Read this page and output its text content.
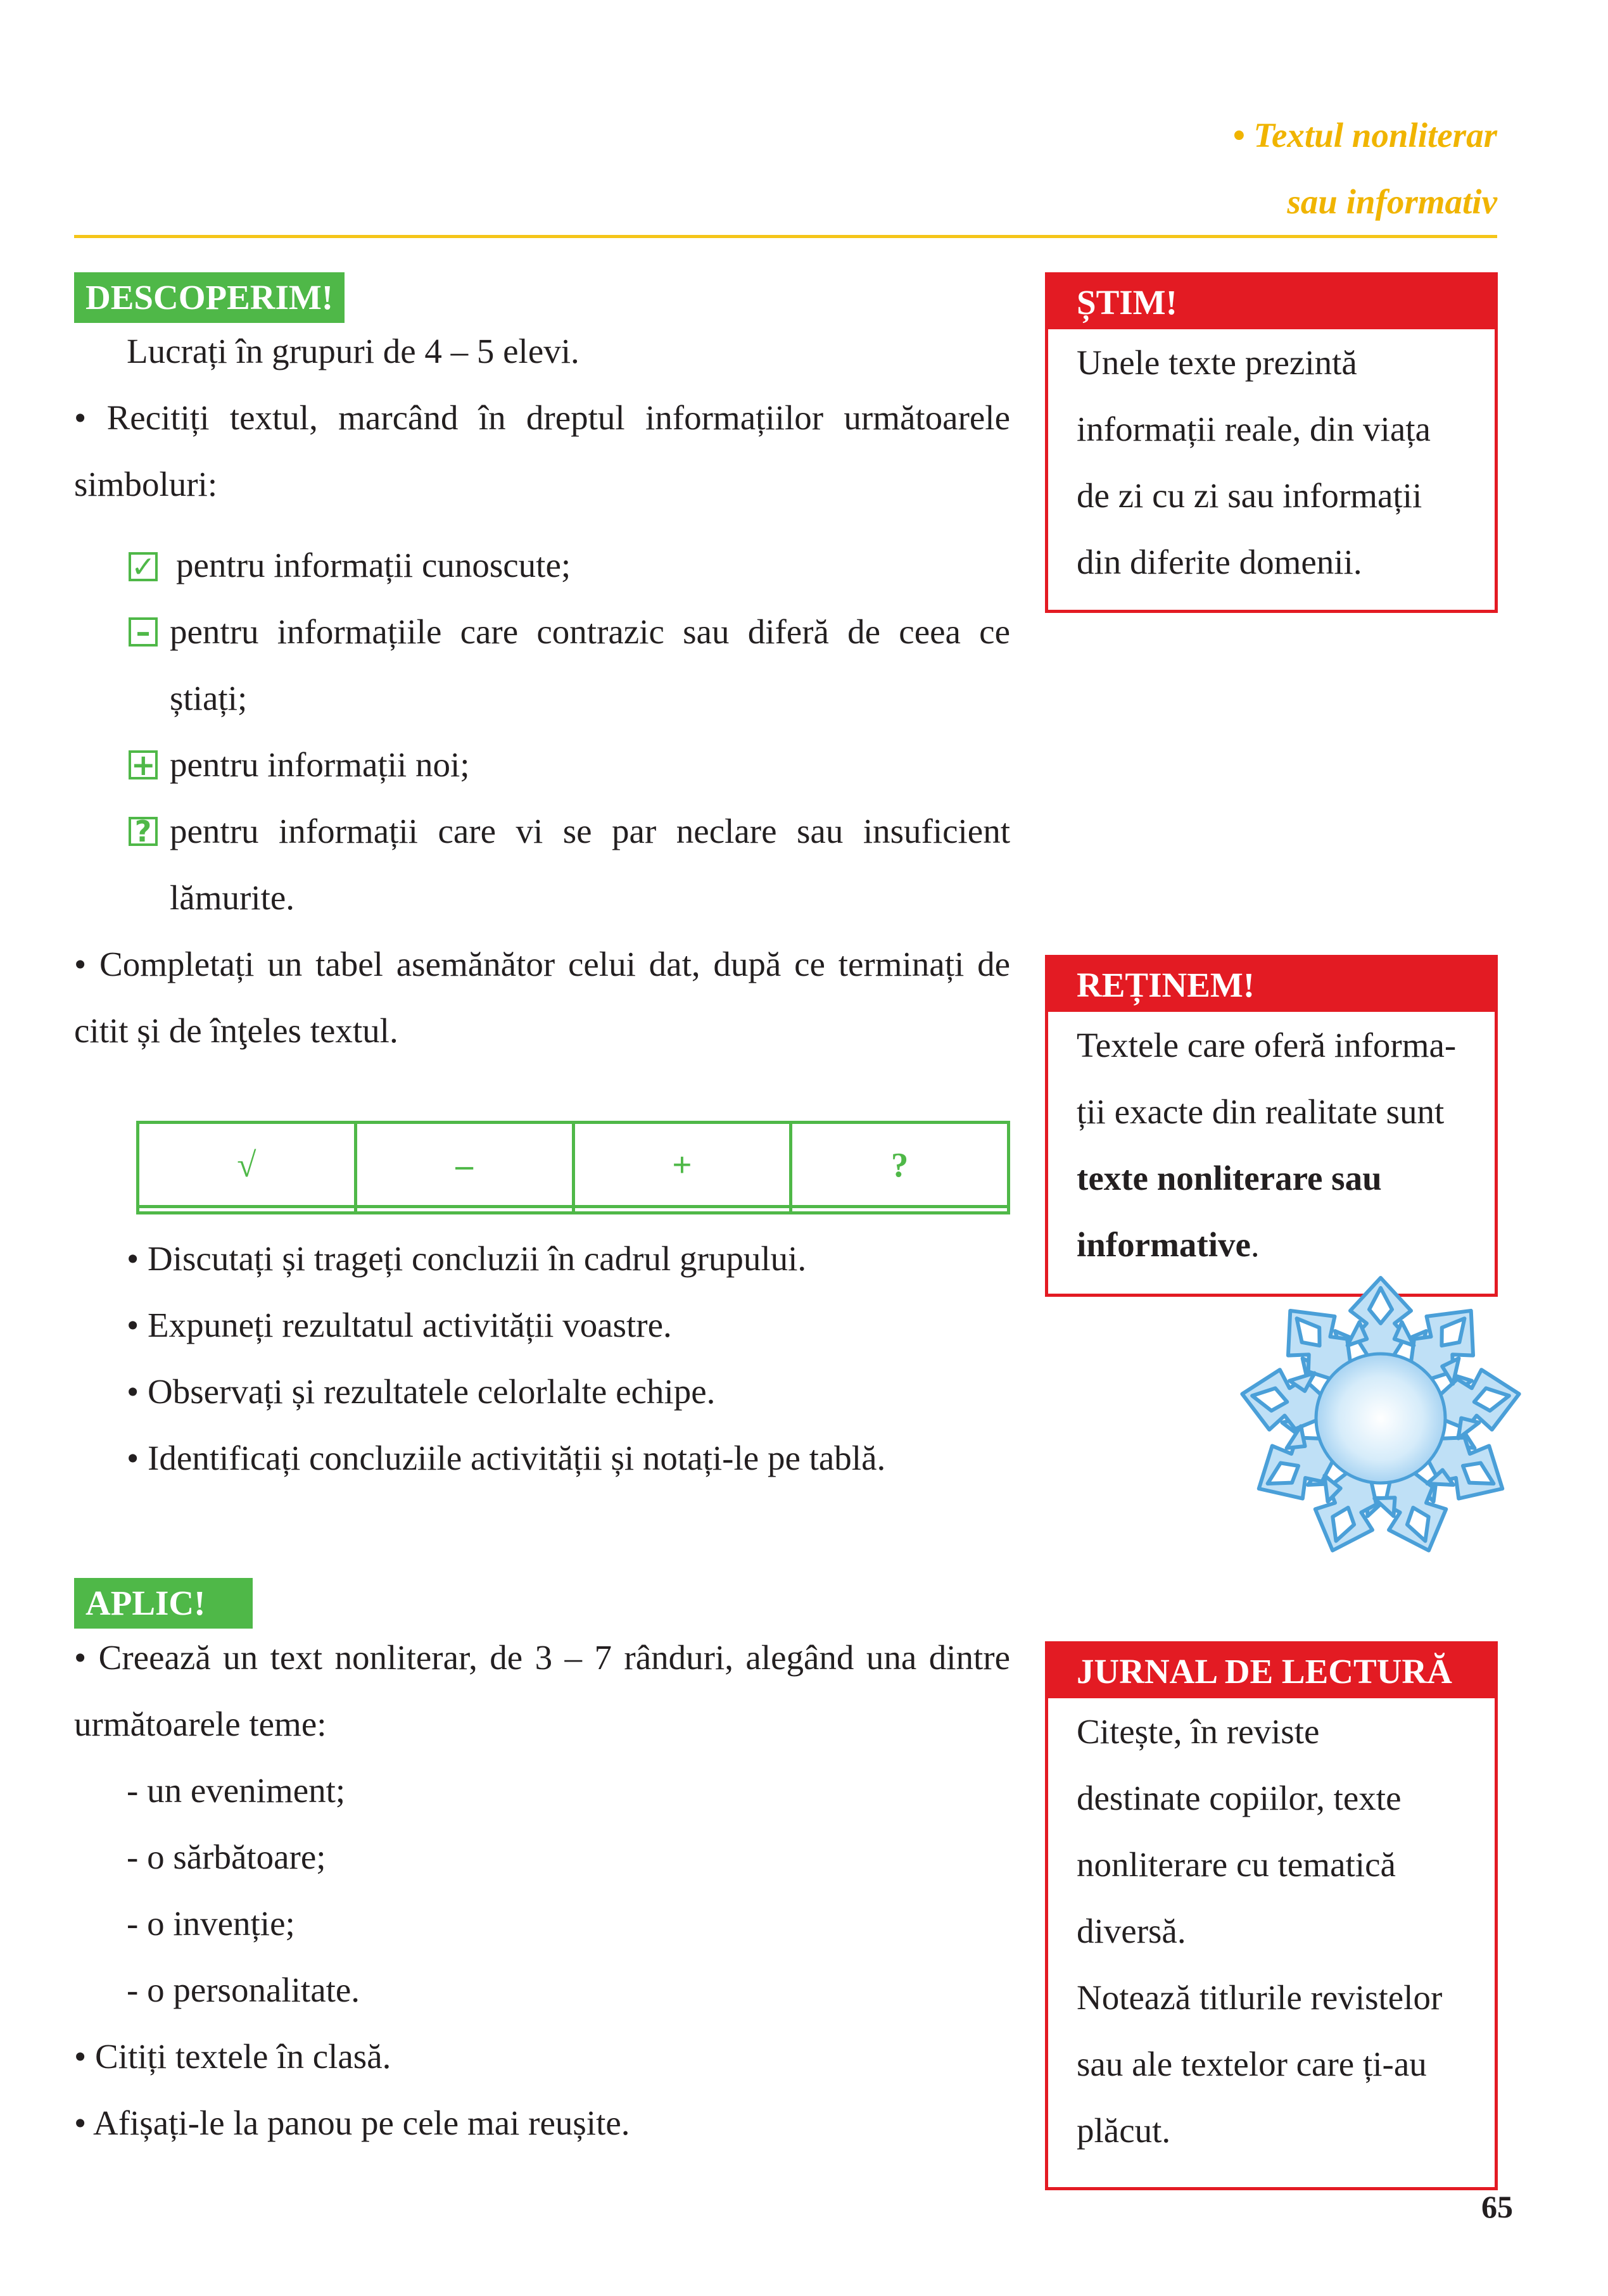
• Textul nonliterar
sau informativ
DESCOPERIM!
Lucrați în grupuri de 4 – 5 elevi.
• Recitiți textul, marcând în dreptul informațiilor următoarele
simboluri:
✓ pentru informații cunoscute;
– pentru informațiile care contrazic sau diferă de ceea ce
știați;
+ pentru informații noi;
? pentru informații care vi se par neclare sau insuficient
lămurite.
• Completați un tabel asemănător celui dat, după ce terminați de
citit și de înţeles textul.
√	–	+	?

• Discutați și trageți concluzii în cadrul grupului.
• Expuneți rezultatul activității voastre.
• Observați și rezultatele celorlalte echipe.
• Identificați concluziile activității și notați-le pe tablă.
APLIC!
• Creează un text nonliterar, de 3 – 7 rânduri, alegând una dintre
următoarele teme:
- un eveniment;
- o sărbătoare;
- o invenție;
- o personalitate.
• Citiți textele în clasă.
• Afișați-le la panou pe cele mai reușite.
ȘTIM!
Unele texte prezintă
informații reale, din viața
de zi cu zi sau informații
din diferite domenii.
REȚINEM!
Textele care oferă informa-
ții exacte din realitate sunt
texte nonliterare sau
informative.
JURNAL DE LECTURĂ
Citește, în reviste
destinate copiilor, texte
nonliterare cu tematică
diversă.
Notează titlurile revistelor
sau ale textelor care ți-au
plăcut.
65
